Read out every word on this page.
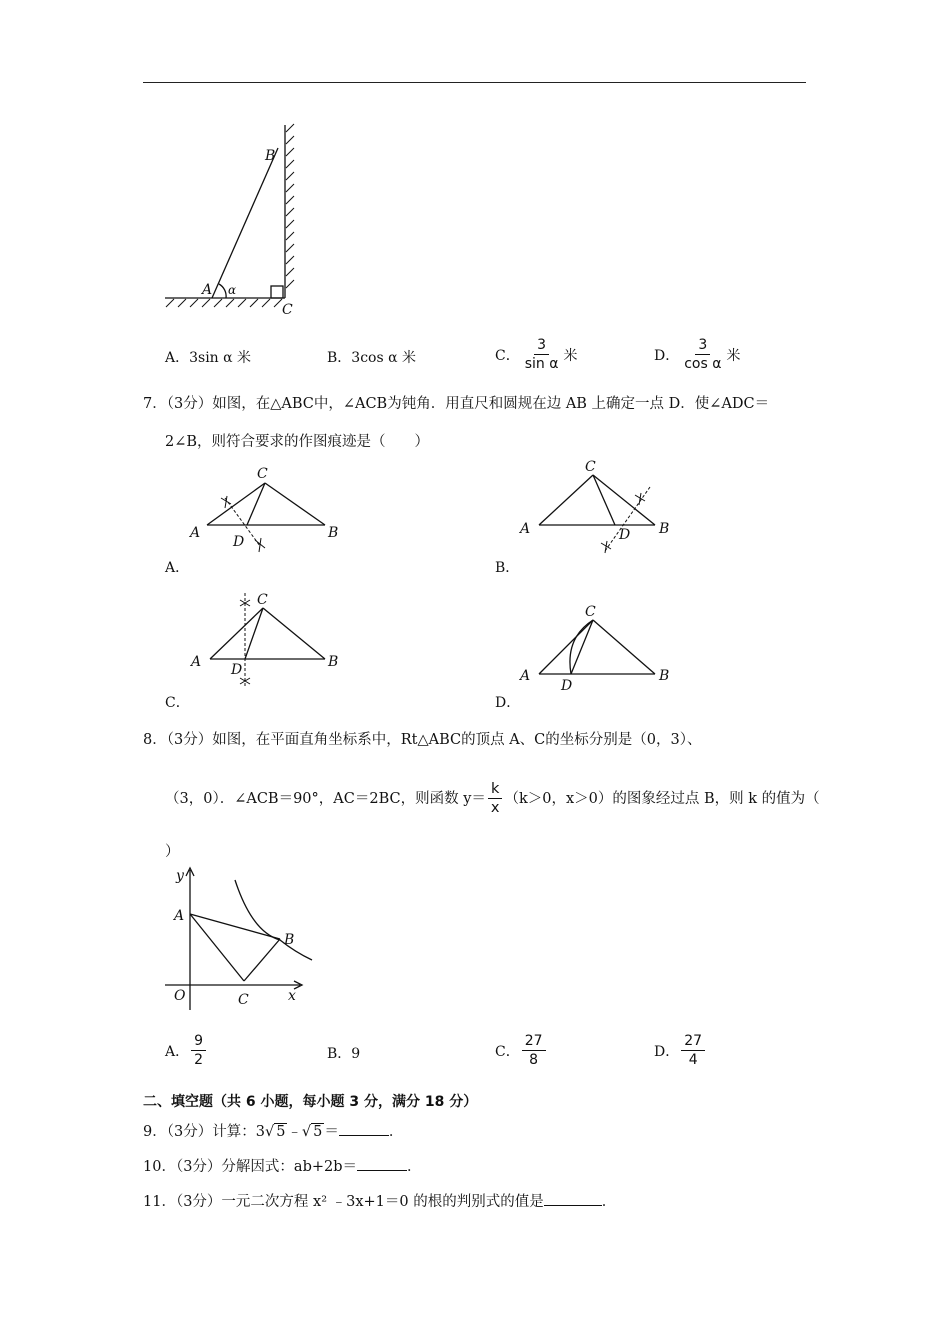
B
A α
C
A．3sin α 米	B．3cos α 米	C． $\frac{3}{\text{sin α}}$ 米	D． $\frac{3}{\text{cos α}}$ 米
7．（3分）如图，在△ABC中，∠ACB为钝角．用直尺和圆规在边 AB 上确定一点 D．使∠ADC＝
2∠B，则符合要求的作图痕迹是（　　）
C
A
D
B
A．
C
A	D B
B．
C
A D	B
C．
C
A
D
B
D．
8．（3分）如图，在平面直角坐标系中，Rt△ABC的顶点 A、C的坐标分别是（0，3）、
（3，0）．∠ACB＝90°，AC＝2BC，则函数 $y= \frac{k}{x} (k>0$，x＞0）的图象经过点 B，则 k 的值为（
）
y
A
B
O	C	x
A． $\frac{9}{2}$	B．9	C． $\frac{27}{8}$	D． $\frac{27}{4}$
二、填空题（共 6 小题，每小题 3 分，满分 18 分）
9．（3分）计算：3√ 5 ﹣√ 5 ＝	．
10．（3分）分解因式：ab+2b＝	．
11．（3分）一元二次方程 x² ﹣3x+1＝0 的根的判别式的值是	．
